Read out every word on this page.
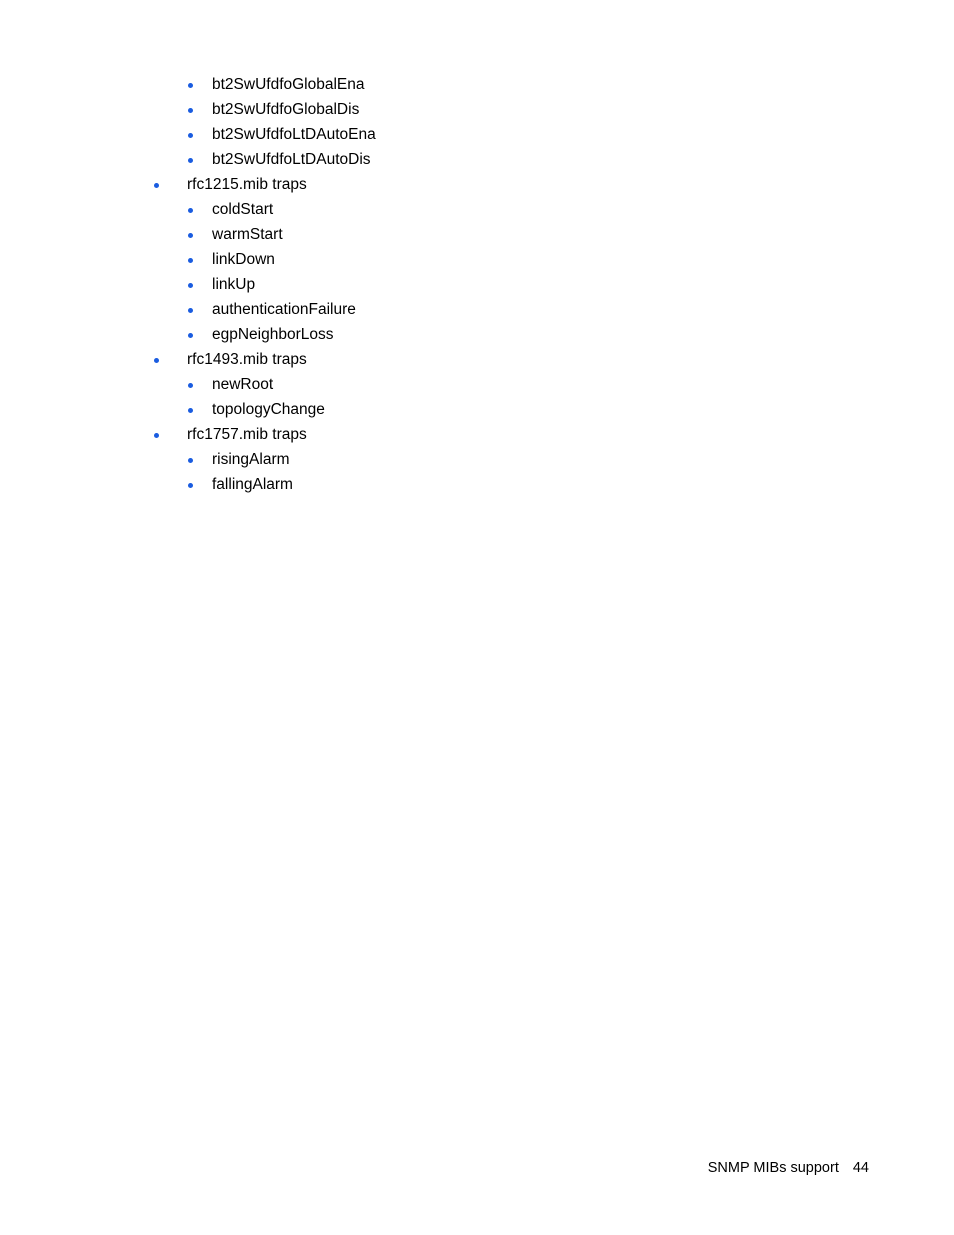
bt2SwUfdfoGlobalEna
bt2SwUfdfoGlobalDis
bt2SwUfdfoLtDAutoEna
bt2SwUfdfoLtDAutoDis
rfc1215.mib traps
coldStart
warmStart
linkDown
linkUp
authenticationFailure
egpNeighborLoss
rfc1493.mib traps
newRoot
topologyChange
rfc1757.mib traps
risingAlarm
fallingAlarm
SNMP MIBs support 44
